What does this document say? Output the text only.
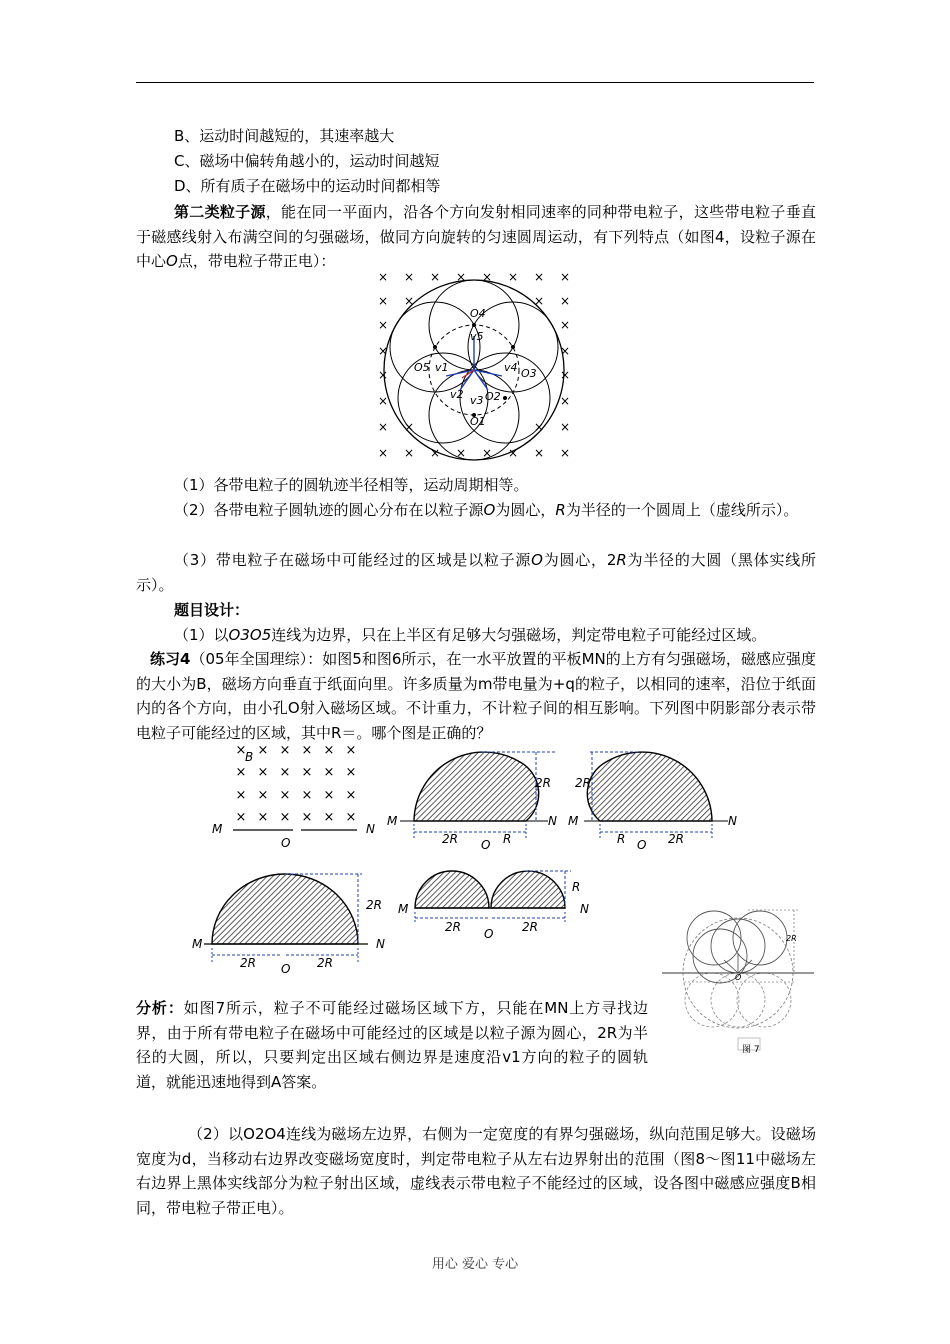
B、运动时间越短的，其速率越大
C、磁场中偏转角越小的，运动时间越短
D、所有质子在磁场中的运动时间都相等
第二类粒子源，能在同一平面内，沿各个方向发射相同速率的同种带电粒子，这些带电粒子垂直于磁感线射入布满空间的匀强磁场，做同方向旋转的匀速圆周运动，有下列特点（如图4，设粒子源在中心O点，带电粒子带正电）：
× × × × × × × ×
×	×
×	×
×	×
×	×
×	×
×	×
× × × × × × × ×
×	×
×	×
O4
v5
O5 v1	v4 O3
v2 O2
v3
O1
（1）各带电粒子的圆轨迹半径相等，运动周期相等。
（2）各带电粒子圆轨迹的圆心分布在以粒子源O为圆心，R为半径的一个圆周上（虚线所示）。
（3）带电粒子在磁场中可能经过的区域是以粒子源O为圆心，2R为半径的大圆（黑体实线所示）。
题目设计：
（1）以O3O5连线为边界，只在上半区有足够大匀强磁场，判定带电粒子可能经过区域。
练习4（05年全国理综）：如图5和图6所示，在一水平放置的平板MN的上方有匀强磁场，磁感应强度的大小为B，磁场方向垂直于纸面向里。许多质量为m带电量为+q的粒子，以相同的速率，沿位于纸面内的各个方向，由小孔O射入磁场区域。不计重力，不计粒子间的相互影响。下列图中阴影部分表示带电粒子可能经过的区域，其中R＝。哪个图是正确的？
× × × × × ×
× × × × × ×
× × × × × ×
× × × × × ×
B
M	N
O
2R
M	N
2R	R
O
2R
M	N
R	2R
O
2R
M	N
2R	2R
O
R
M	N
2R	2R
O
图 7
2R
O
分析：如图7所示，粒子不可能经过磁场区域下方，只能在MN上方寻找边界，由于所有带电粒子在磁场中可能经过的区域是以粒子源为圆心，2R为半径的大圆，所以，只要判定出区域右侧边界是速度沿v1方向的粒子的圆轨道，就能迅速地得到A答案。
（2）以O2O4连线为磁场左边界，右侧为一定宽度的有界匀强磁场，纵向范围足够大。设磁场宽度为d，当移动右边界改变磁场宽度时，判定带电粒子从左右边界射出的范围（图8～图11中磁场左右边界上黑体实线部分为粒子射出区域，虚线表示带电粒子不能经过的区域，设各图中磁感应强度B相同，带电粒子带正电）。
用心 爱心 专心
